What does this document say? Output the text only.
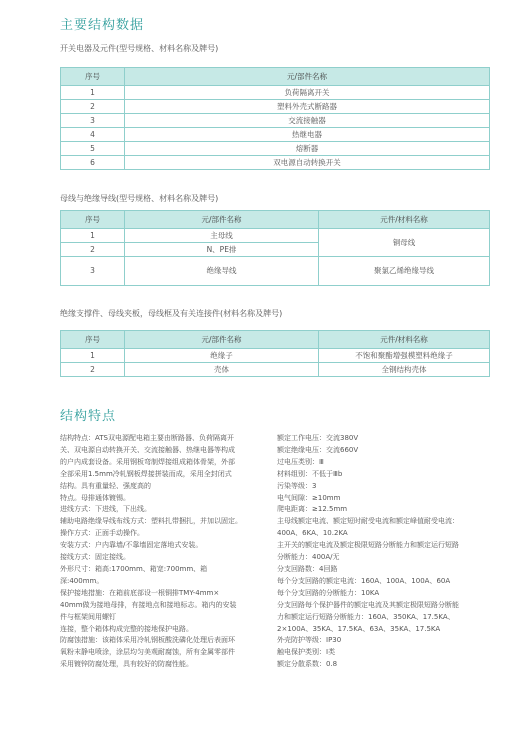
主要结构数据

开关电器及元件(型号规格、材料名称及牌号)

序号	元/部件名称
1	负荷隔离开关
2	塑料外壳式断路器
3	交流接触器
4	热继电器
5	熔断器
6	双电源自动转换开关

母线与绝缘导线(型号规格、材料名称及牌号)

序号	元/部件名称	元件/材料名称
1	主母线	铜母线
2	N、PE排	
3	绝缘导线	聚氯乙烯绝缘导线

绝缘支撑件、母线夹板，母线框及有关连接件(材料名称及牌号)

序号	元/部件名称	元件/材料名称
1	绝缘子	不饱和聚酯增强模塑料绝缘子
2	壳体	全钢结构壳体
结构特点

结构特点：ATS双电源配电箱主要由断路器、负荷隔离开

关、双电源自动转换开关、交流接触器、热继电器等构成

的户内成套设备。采用钢板弯制焊接组成箱体骨架，外部

全部采用1.5mm冷轧钢板焊接拼装而成，采用全封闭式

结构。具有重量轻、强度高的

特点。母排通体镀锡。

进线方式：下进线，下出线。

辅助电路绝缘导线布线方式：塑料扎带捆扎，并加以固定。

操作方式：正面手动操作。

安装方式：户内靠墙/不靠墙固定落地式安装。

接线方式：固定接线。

外形尺寸：箱高:1700mm、箱宽:700mm、箱

深:400mm。

保护接地措施：在箱前底部设一根铜排TMY-4mm×

40mm做为接地母排，有接地点和接地标志。箱内的安装

件与框架间用螺钉

连接，整个箱体构成完整的接地保护电路。

防腐蚀措施：该箱体采用冷轧钢板酸洗磷化处理后表面环

氧粉末静电喷涂，涂层均匀美观耐腐蚀，所有金属零部件

采用镀锌防腐处理，具有较好的防腐性能。

额定工作电压：交流380V

额定绝缘电压：交流660V

过电压类别：Ⅲ

材料组别：不低于Ⅲb

污染等级：3

电气间隙：≥10mm

爬电距离：≥12.5mm

主母线额定电流、额定短时耐受电流和额定峰值耐受电流：

400A、6KA、10.2KA

主开关的额定电流及额定极限短路分断能力和额定运行短路

分断能力：400A/无

分支回路数：4回路

每个分支回路的额定电流：160A、100A、100A、60A

每个分支回路的分断能力：10KA

分支回路每个保护器件的额定电流及其额定极限短路分断能

力和额定运行短路分断能力：160A、350KA、17.5KA、

2×100A、35KA、17.5KA、63A、35KA、17.5KA

外壳防护等级：IP30

触电保护类别：Ⅰ类

额定分散系数：0.8
